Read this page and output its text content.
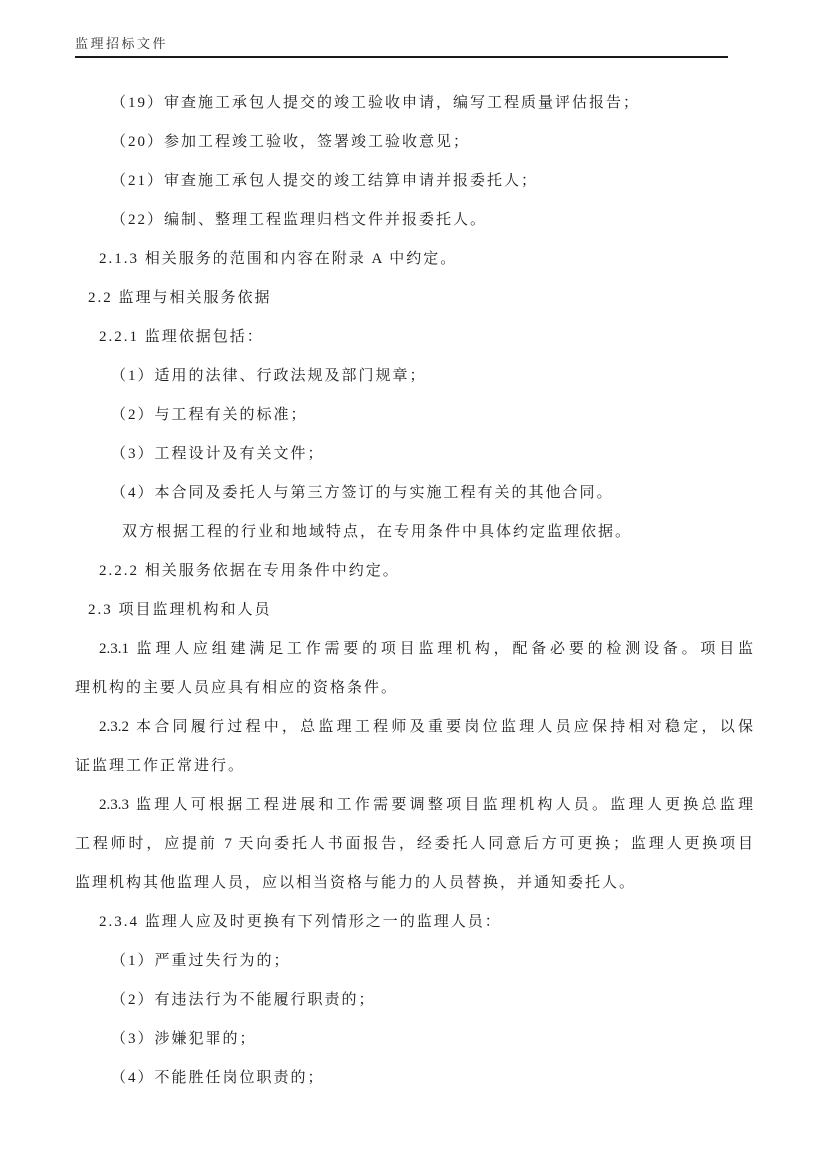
监理招标文件
（19）审查施工承包人提交的竣工验收申请，编写工程质量评估报告；
（20）参加工程竣工验收，签署竣工验收意见；
（21）审查施工承包人提交的竣工结算申请并报委托人；
（22）编制、整理工程监理归档文件并报委托人。
2.1.3 相关服务的范围和内容在附录 A 中约定。
2.2 监理与相关服务依据
2.2.1 监理依据包括：
（1）适用的法律、行政法规及部门规章；
（2）与工程有关的标准；
（3）工程设计及有关文件；
（4）本合同及委托人与第三方签订的与实施工程有关的其他合同。
双方根据工程的行业和地域特点，在专用条件中具体约定监理依据。
2.2.2 相关服务依据在专用条件中约定。
2.3 项目监理机构和人员
2.3.1 监理人应组建满足工作需要的项目监理机构，配备必要的检测设备。项目监
理机构的主要人员应具有相应的资格条件。
2.3.2 本合同履行过程中，总监理工程师及重要岗位监理人员应保持相对稳定，以保
证监理工作正常进行。
2.3.3 监理人可根据工程进展和工作需要调整项目监理机构人员。监理人更换总监理
工程师时，应提前 7 天向委托人书面报告，经委托人同意后方可更换；监理人更换项目
监理机构其他监理人员，应以相当资格与能力的人员替换，并通知委托人。
2.3.4 监理人应及时更换有下列情形之一的监理人员：
（1）严重过失行为的；
（2）有违法行为不能履行职责的；
（3）涉嫌犯罪的；
（4）不能胜任岗位职责的；
